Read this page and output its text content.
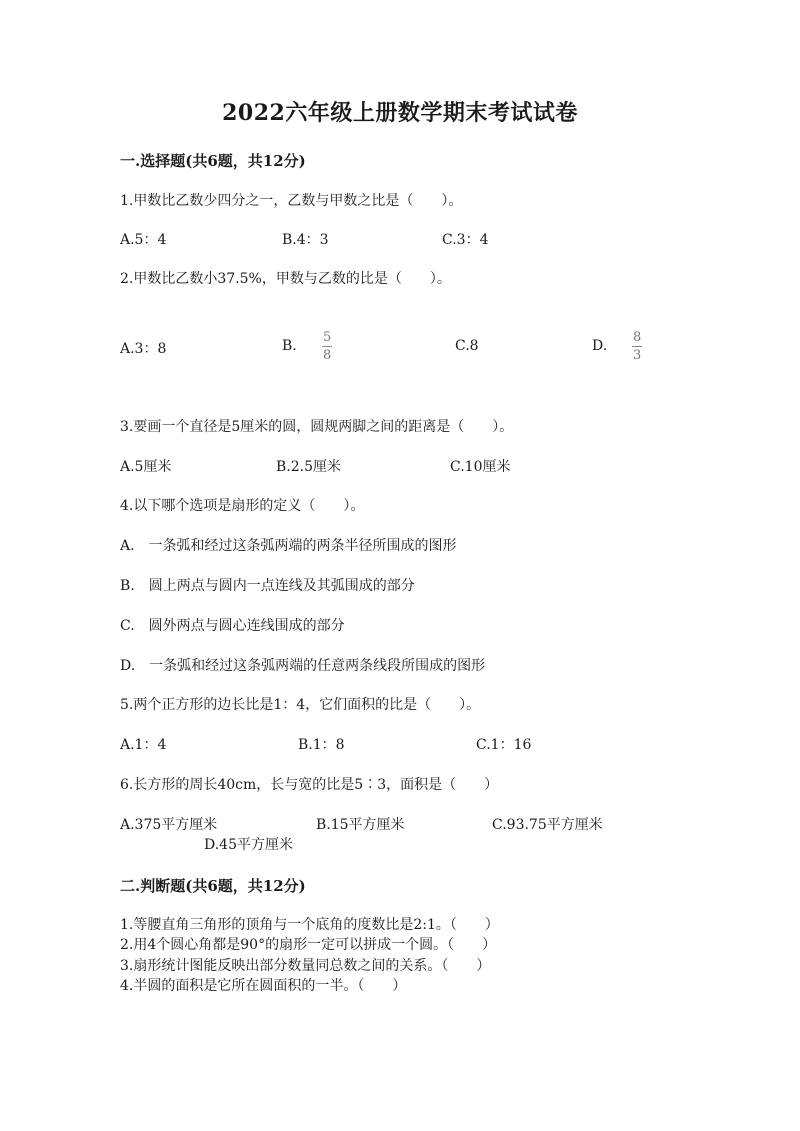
2022六年级上册数学期末考试试卷
一.选择题(共6题，共12分)
1.甲数比乙数少四分之一，乙数与甲数之比是（　　）。
A.5：4	B.4：3	C.3：4
2.甲数比乙数小37.5%，甲数与乙数的比是（　　）。
A.3：8	B.
5
8
C.8	D.
8
3
3.要画一个直径是5厘米的圆，圆规两脚之间的距离是（　　）。
A.5厘米	B.2.5厘米	C.10厘米
4.以下哪个选项是扇形的定义（　　）。
A.　一条弧和经过这条弧两端的两条半径所围成的图形
B.　圆上两点与圆内一点连线及其弧围成的部分
C.　圆外两点与圆心连线围成的部分
D.　一条弧和经过这条弧两端的任意两条线段所围成的图形
5.两个正方形的边长比是1：4，它们面积的比是（　　）。
A.1：4	B.1：8	C.1：16
6.长方形的周长40cm，长与宽的比是5∶3，面积是（　　）
A.375平方厘米	B.15平方厘米	C.93.75平方厘米
D.45平方厘米
二.判断题(共6题，共12分)
1.等腰直角三角形的顶角与一个底角的度数比是2:1。（　　）
2.用4个圆心角都是90°的扇形一定可以拼成一个圆。（　　）
3.扇形统计图能反映出部分数量同总数之间的关系。（　　）
4.半圆的面积是它所在圆面积的一半。（　　）
